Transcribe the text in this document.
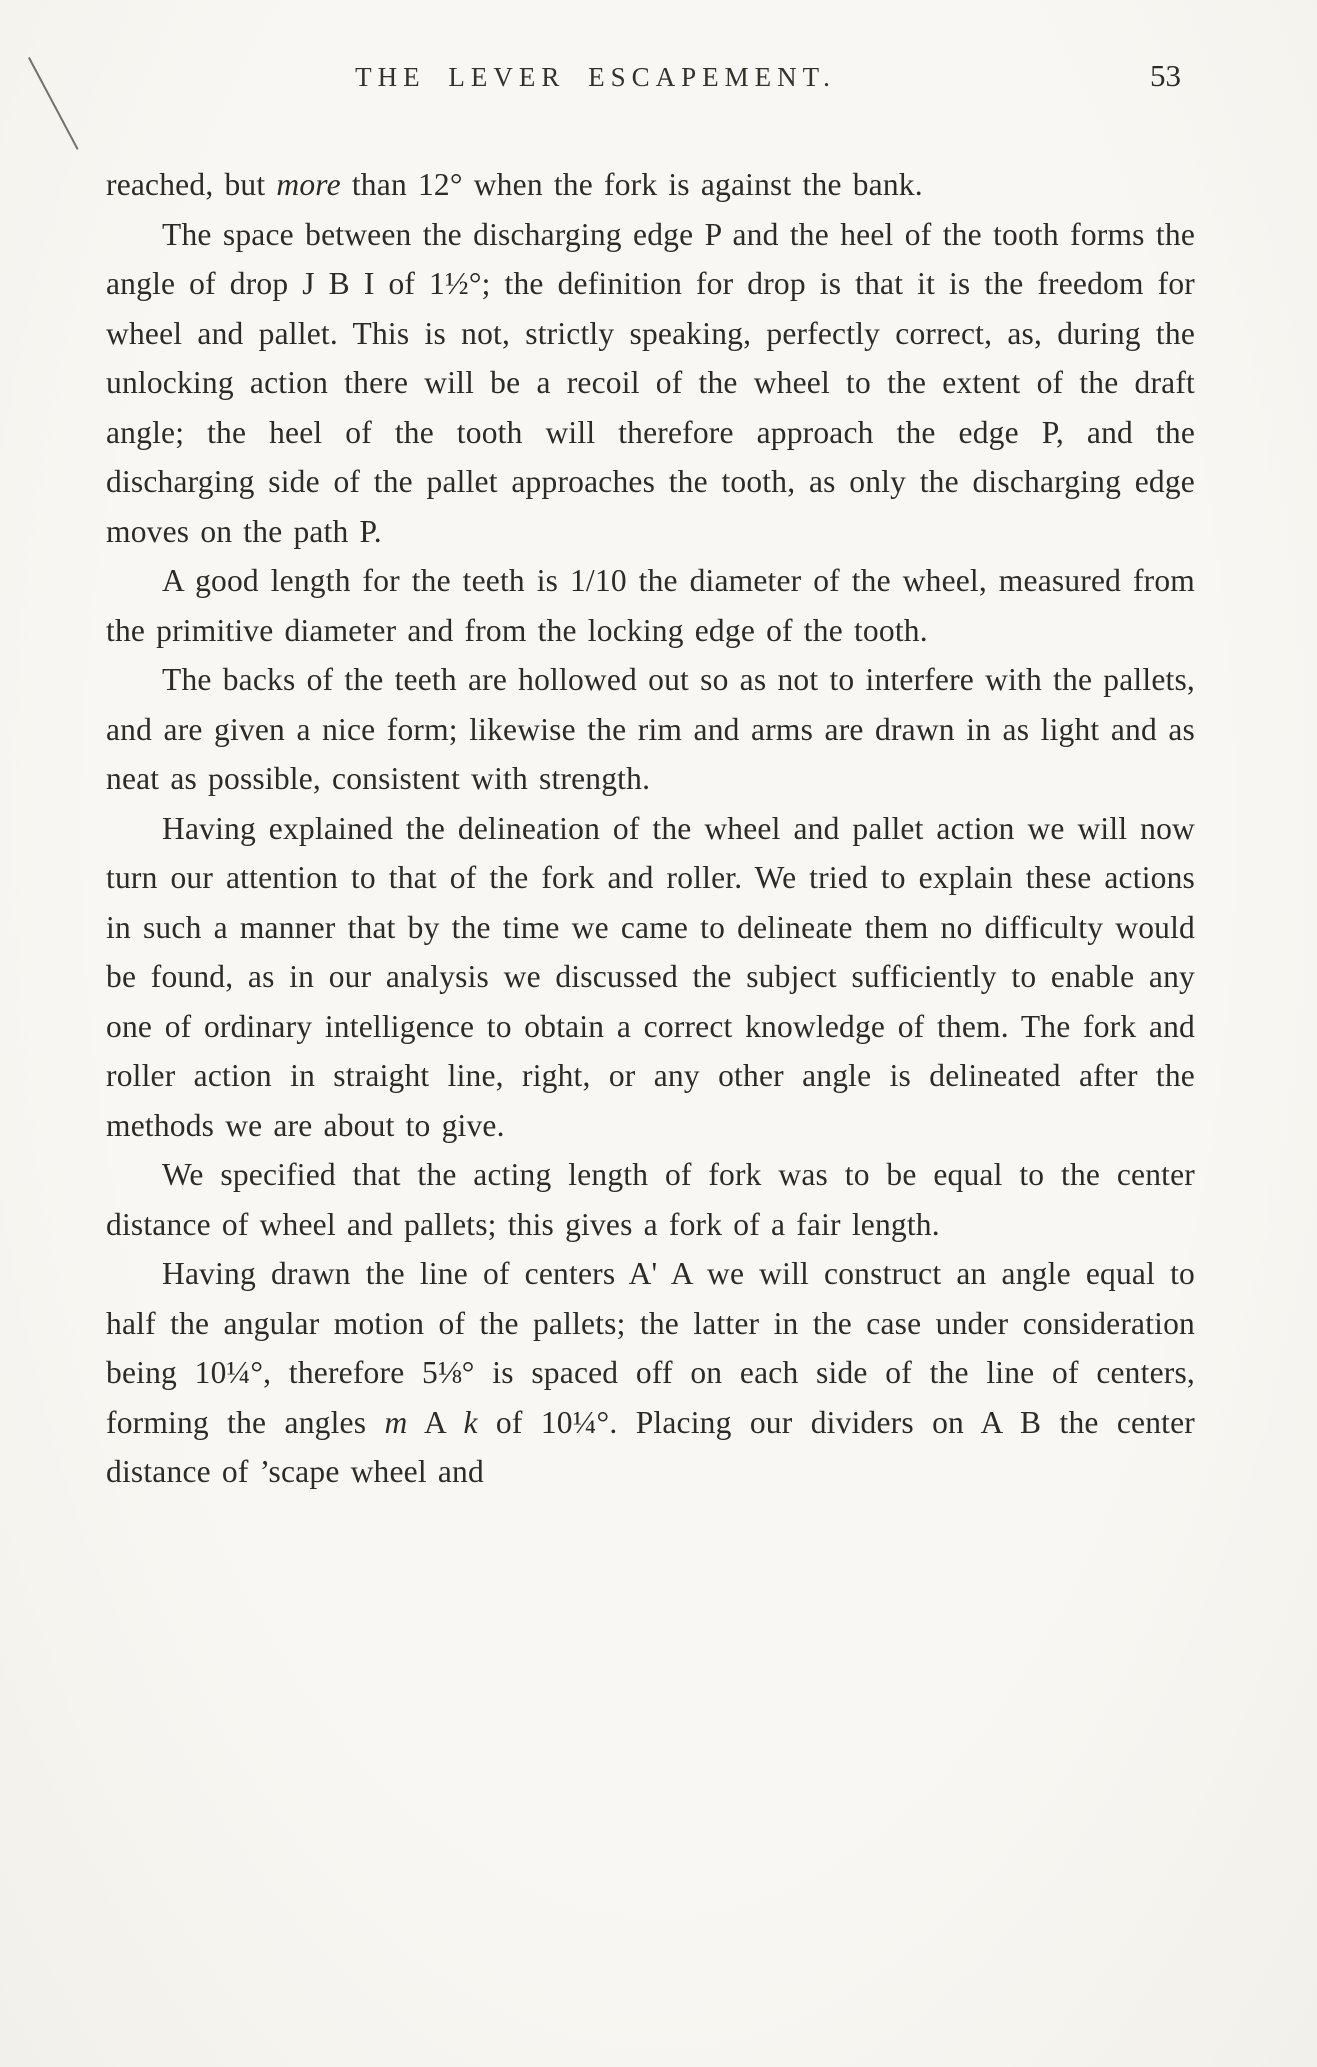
THE LEVER ESCAPEMENT.	53

reached, but more than 12° when the fork is against the bank.

The space between the discharging edge P and the heel of the tooth forms the angle of drop J B I of 1½°; the definition for drop is that it is the freedom for wheel and pallet. This is not, strictly speaking, perfectly correct, as, during the unlocking action there will be a recoil of the wheel to the extent of the draft angle; the heel of the tooth will therefore approach the edge P, and the discharging side of the pallet approaches the tooth, as only the discharging edge moves on the path P.

A good length for the teeth is 1/10 the diameter of the wheel, measured from the primitive diameter and from the locking edge of the tooth.

The backs of the teeth are hollowed out so as not to interfere with the pallets, and are given a nice form; likewise the rim and arms are drawn in as light and as neat as possible, consistent with strength.

Having explained the delineation of the wheel and pallet action we will now turn our attention to that of the fork and roller. We tried to explain these actions in such a manner that by the time we came to delineate them no difficulty would be found, as in our analysis we discussed the subject sufficiently to enable any one of ordinary intelligence to obtain a correct knowledge of them. The fork and roller action in straight line, right, or any other angle is delineated after the methods we are about to give.

We specified that the acting length of fork was to be equal to the center distance of wheel and pallets; this gives a fork of a fair length.

Having drawn the line of centers A' A we will construct an angle equal to half the angular motion of the pallets; the latter in the case under consideration being 10¼°, therefore 5⅛° is spaced off on each side of the line of centers, forming the angles m A k of 10¼°. Placing our dividers on A B the center distance of ’scape wheel and
